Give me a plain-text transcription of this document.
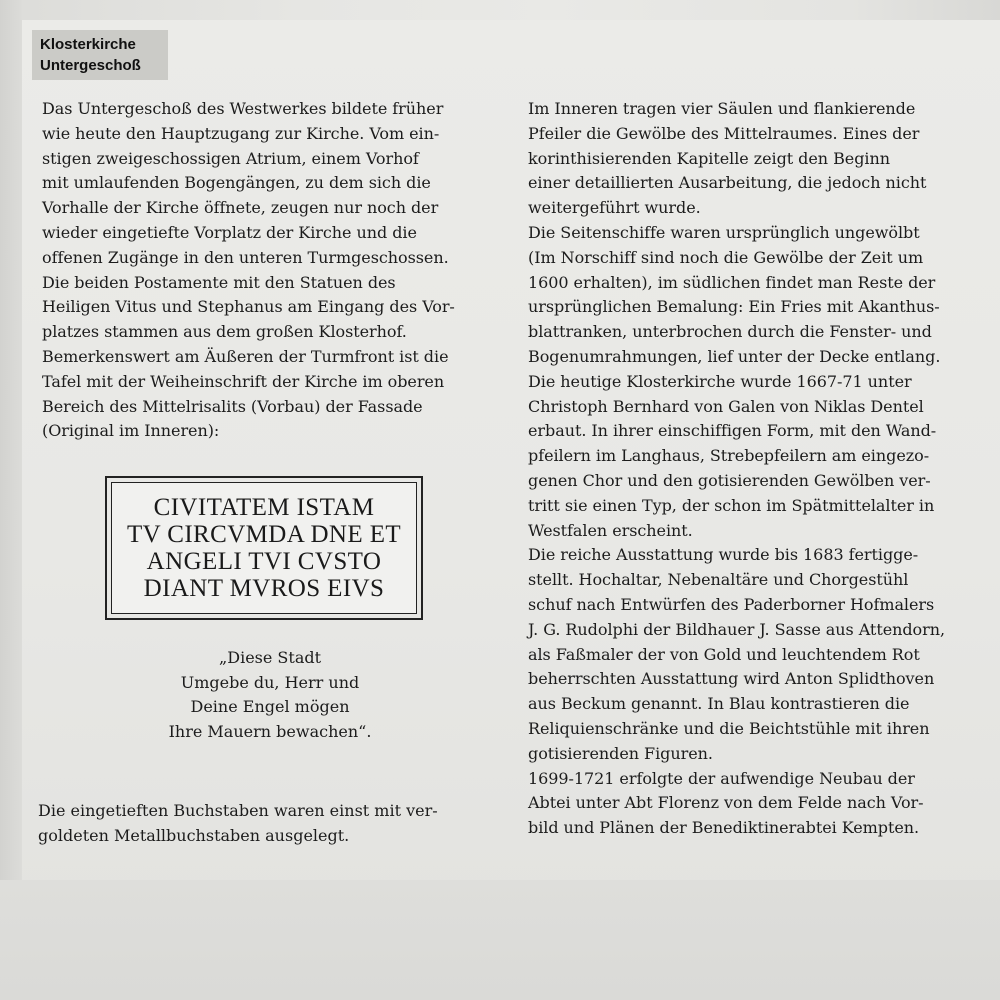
Klosterkirche
Untergeschoß
Das Untergeschoß des Westwerkes bildete früher
wie heute den Hauptzugang zur Kirche. Vom ein-
stigen zweigeschossigen Atrium, einem Vorhof
mit umlaufenden Bogengängen, zu dem sich die
Vorhalle der Kirche öffnete, zeugen nur noch der
wieder eingetiefte Vorplatz der Kirche und die
offenen Zugänge in den unteren Turmgeschossen.
Die beiden Postamente mit den Statuen des
Heiligen Vitus und Stephanus am Eingang des Vor-
platzes stammen aus dem großen Klosterhof.
Bemerkenswert am Äußeren der Turmfront ist die
Tafel mit der Weiheinschrift der Kirche im oberen
Bereich des Mittelrisalits (Vorbau) der Fassade
(Original im Inneren):
CIVITATEM ISTAM
TV CIRCVMDA DNE ET
ANGELI TVI CVSTO
DIANT MVROS EIVS
„Diese Stadt
Umgebe du, Herr und
Deine Engel mögen
Ihre Mauern bewachen“.
Die eingetieften Buchstaben waren einst mit ver-
goldeten Metallbuchstaben ausgelegt.
Im Inneren tragen vier Säulen und flankierende
Pfeiler die Gewölbe des Mittelraumes. Eines der
korinthisierenden Kapitelle zeigt den Beginn
einer detaillierten Ausarbeitung, die jedoch nicht
weitergeführt wurde.
Die Seitenschiffe waren ursprünglich ungewölbt
(Im Norschiff sind noch die Gewölbe der Zeit um
1600 erhalten), im südlichen findet man Reste der
ursprünglichen Bemalung: Ein Fries mit Akanthus-
blattranken, unterbrochen durch die Fenster- und
Bogenumrahmungen, lief unter der Decke entlang.
Die heutige Klosterkirche wurde 1667-71 unter
Christoph Bernhard von Galen von Niklas Dentel
erbaut. In ihrer einschiffigen Form, mit den Wand-
pfeilern im Langhaus, Strebepfeilern am eingezo-
genen Chor und den gotisierenden Gewölben ver-
tritt sie einen Typ, der schon im Spätmittelalter in
Westfalen erscheint.
Die reiche Ausstattung wurde bis 1683 fertigge-
stellt. Hochaltar, Nebenaltäre und Chorgestühl
schuf nach Entwürfen des Paderborner Hofmalers
J. G. Rudolphi der Bildhauer J. Sasse aus Attendorn,
als Faßmaler der von Gold und leuchtendem Rot
beherrschten Ausstattung wird Anton Splidthoven
aus Beckum genannt. In Blau kontrastieren die
Reliquienschränke und die Beichtstühle mit ihren
gotisierenden Figuren.
1699-1721 erfolgte der aufwendige Neubau der
Abtei unter Abt Florenz von dem Felde nach Vor-
bild und Plänen der Benediktinerabtei Kempten.
